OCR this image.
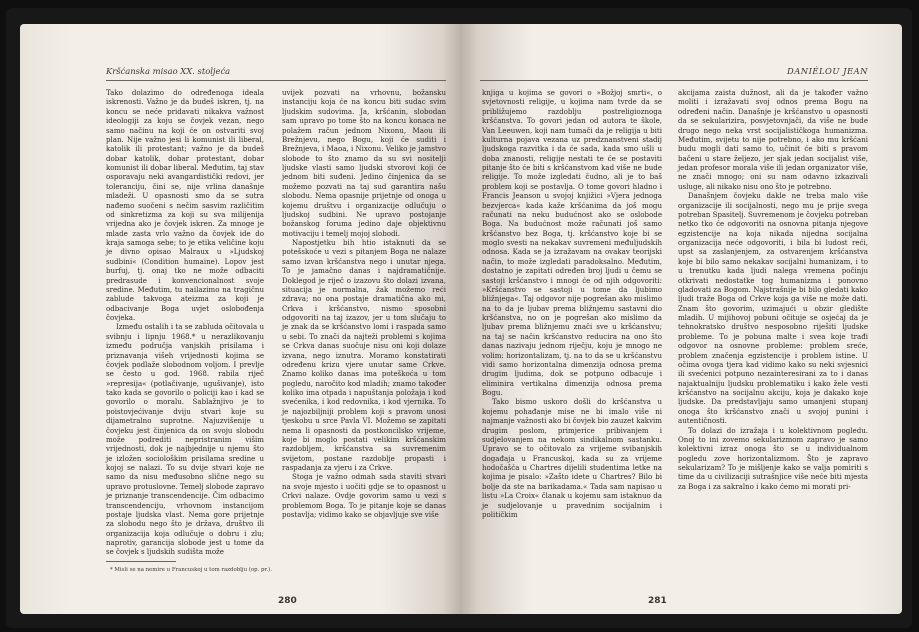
Kršćanska misao XX. stoljeća

Tako dolazimo do određenoga ideala iskrenosti. Važno je da budeš iskren, tj. na koncu se neće pridavati nikakva važnost ideologiji za koju se čovjek vezan, nego samo načinu na koji će on ostvariti svoj plan. Nije važno jesi li komunist ili liberal, katolik ili protestant; važno je da budeš dobar katolik, dobar protestant, dobar komunist ili dobar liberal. Međutim, taj stav osporavaju neki avangardistički redovi, jer toleranciju, čini se, nije vrlina današnje mladeži. U opasnosti smo da se sutra nađemo suočeni s nečim sasvim različitim od sinkretizma za koji su sva milijenija vrijedna ako je čovjek iskren. Za mnoge je mlade zasta vrlo važno da čovjek ide do kraja samoga sebe; to je etika veličine koju je divno opisao Malraux u »Ljudskoj sudbini« (Condition humaine). Lopov jest burfuj, tj. onaj tko ne može odbaciti predrasude i konvencionalnost svoje sredine. Međutim, tu nailazimo na tragičnu zablude takvoga ateizma za koji je odbacivanje Boga uvjet oslobođenja čovjeka.

Između ostalih i ta se zabluda očitovala u svibnju i lipnju 1968.* u nerazlikovanju između područja vanjskih prisilama i priznavanja višeh vrijednosti kojima se čovjek podlaže slobodnom voljom. I prevlje se često u god. 1968. rabila riječ »represija« (potlačivanje, ugušivanje), isto tako kada se govorilo o policiji kao i kad se govorilo o moralu. Sablažnjivo je to poistovjećivanje dviju stvari koje su dijametralno suprotne. Najuzvišenije u čovjeku jest činjenica da on svoju slobodu može podrediti nepristranim višim vrijednosti, dok je najbjednije u njemu što je izložen sociološkim prisilama sredine u kojoj se nalazi. To su dvije stvari koje ne samo da nisu međusobno slične nego su upravo protuslovne. Temelj slobode zapravo je priznanje transcendencije. Čim odbacimo transcendenciju, vrhovnom instancijom postaje ljudska vlast. Nema gore prijetnje za slobodu nego što je država, društvo ili organizacija koja odlučuje o dobru i zlu; naprotiv, garancija slobode jest u tome da se čovjek s ljudskih sudišta može

uvijek pozvati na vrhovnu, božansku instanciju koja će na koncu biti sudac svim ljudskim sudovima. Ja, kršćanin, slobodan sam upravo po tome što na koncu konaca ne polažem račun jednom Nixonu, Maou ili Brežnjevu, nego Bogu, koji će suditi i Brežnjeva, i Maoa, i Nixonu. Veliko je jamstvo slobode to što znamo da su svi nositelji ljudske vlasti samo ljudski stvorovi koji će jednom biti suđeni. Jedino činjenica da se možemo pozvati na taj sud garantira našu slobodu. Nema opasnije prijetnje od onoga u kojemu društvu i organizacije odlučuju o ljudskoj sudbini. Ne upravo postojanje božanskog foruma jedino daje objektivnu motivaciju i temelj mojoj slobodi.

Napostjetku bih htio istaknuti da se potešskoće u vezi s pitanjem Boga ne nalaze samo izvan kršćanstva nego i unutar njega. To je jamačno danas i najdramatičnije. Doklegod je riječ o izazovu što dolazi izvana, situacija je normalna, žak možemo reći zdrava; no ona postaje dramatična ako mi, Crkva i kršćanstvo, nismo sposobni odgovoriti na taj izazov, jer u tom slučaju to je znak da se kršćanstvo lomi i raspada samo u sebi. To znači da najteži problemi s kojima se Crkva danas suočuje nisu oni koji dolaze izvana, nego iznutra. Moramo konstatirati određenu krizu vjere unutar same Crkve. Znamo koliko danas ima poteškoća u tom pogledu, naročito kod mladih; znamo također koliko ima otpada i napuštanja položaja i kod svećenika, i kod redovnika, i kod vjernika. To je najozbiljniji problem koji s pravom unosi tjeskobu u srce Pavla VI. Možemo se zapitati nema li opasnosti da postkoncilsko vrijeme, koje bi moglo postati velikim kršćanskim razdobljem, kršćanstva sa suvremenim svijetom, postane razdoblje propasti i raspadanja za vjeru i za Crkve.

Stoga je važno odmah sada staviti stvari na svoje mjesto i uočiti gdje se to opasnost u Crkvi nalaze. Ovdje govorim samo u vezi s problemom Boga. To je pitanje koje se danas postavlja; vidimo kako se objavljuje sve više

* Misli se na nemire u Francuskoj u tom razdoblju (op. pr.).
280
DANIÉLOU JEAN

knjiga u kojima se govori o »Božjoj smrti«, o svjetovnosti religije, u kojima nam tvrde da se približujemo razdoblju postreligioznoga kršćanstva. To govori jedan od autora te škole, Van Leeuwen, koji nam tumači da je religija u biti kulturna pojava vezana uz predznanstveni stadij ljudskoga razvitka i da će sada, kada smo ušli u doba znanosti, religije nestati te će se postaviti pitanje što će biti s kršćanstvom kad više ne bude religije. To može izgledati čudno, ali je to baš problem koji se postavlja. O tome govori hladno i Francis Jeanson u svojoj knjižici »Vjera jednoga bezvjerca« kada kaže kršćanima da još mogu računati na neku budućnost ako se oslobode Boga. Na budućnost može računati još samo kršćanstvo bez Boga, tj. kršćanstvo koje bi se moglo svesti na nekakav suvremeni međuljudskih odnosa. Kada se ja izražavam na ovakav teorijski način, to može izgledati paradoksalno. Međutim, dostatno je zapitati određen broj ljudi u čemu se sastoji kršćanstvo i mnogi će od njih odgovoriti: »Kršćanstvo se sastoji u tome da ljubimo bližnjega«. Taj odgovor nije pogrešan ako mislimo na to da je ljubav prema bližnjemu sastavni dio kršćanstva, no on je pogrešan ako mislimo da ljubav prema bližnjemu znači sve u kršćanstvu; na taj se način kršćanstvo reducira na ono što danas nazivaju jednom riječju, koju je mnogo ne volim: horizontalizam, tj. na to da se u kršćanstvu vidi samo horizontalna dimenzija odnosa prema drugim ljudima, dok se potpuno odbacuje i eliminira vertikalna dimenzija odnosa prema Bogu.

Tako bismo uskoro došli do kršćanstva u kojemu pohađanje mise ne bi imalo više ni najmanje važnosti ako bi čovjek bio zauzet kakvim drugim poslom, primjerice pribivanjem i sudjelovanjem na nekom sindikalnom sastanku. Upravo se to očitovalo za vrijeme svibanjskih događaja u Francuskoj, kada su za vrijeme hodočašća u Chartres dijelili studentima letke na kojima je pisalo: »Zašto idete u Chartres? Bilo bi bolje da ste na barikadama.« Tada sam napisao u listu »La Croix« članak u kojemu sam istaknuo da je sudjelovanje u pravednim socijalnim i političkim

akcijama zaista dužnost, ali da je također važno moliti i izražavati svoj odnos prema Bogu na određeni način. Današnje je kršćanstvo u opasnosti da se sekularizira, posvjetovnjači, da više ne bude drugo nego neka vrst socijalističkoga humanizma. Međutim, svijetu to nije potrebno, i ako mu kršćani budu mogli dati samo to, učinit će biti s pravom bačeni u stare željezo, jer sjak jedan socijalist više, jedan profesor morala više ili jedan organizator više, ne znači mnogo; oni su nam odavno izkazivali usluge, ali nikako nisu ono što je potrebno.

Današnjem čovjeku dakle ne treba malo više organizacije ili socijalnosti, nego mu je prije svega potreban Spasitelj. Suvremenom je čovjeku potreban netko tko će odgovoriti na osnovna pitanja njegove egzistencije na koja nikada nijedna socijalna organizacija neće odgovoriti, i bila bi ludost reći, upst sa zaslanjenjem, za ostvarenjem kršćanstva koje bi bilo samo nekakav socijalni humanizam, i to u trenutku kada ljudi nalega vremena počinju otkrivati nedostatke tog humanizma i ponovno gladovati za Bogom. Najstrašnije bi bilo gledati kako ljudi traže Boga od Crkve koja ga više ne može dati. Znam što govorim, uzimajući u obzir gledište mladih. U mijihovoj pobuni očituje se osjećaj da je tehnokratsko društvo nesposobno riješiti ljudske probleme. To je pobuna malte i svea koje trađi odgovor na osnovne probleme: problem sreće, problem značenja egzistencije i problem istine. U očima ovoga tjera kad vidimo kako su neki svjesnici ili svećenici potpuno nezainteresirani za to i danas najaktualniju ljudsku problematiku i kako žele vesti kršćanstvo na socijalnu akciju, koja je dakako koje ljudske. Da predstavljaju samo umanjeni stupanj onoga što kršćanstvo znači u svojoj punini i autentičnosti.

To dolazi do izražaja i u kolektivnom pogledu. Onoj to ini zovemo sekularizmom zapravo je samo kolektivni izraz onoga što se u individualnom pogledu zove horizontalizmom. Što je zapravo sekularizam? To je mišljenje kako se valja pomiriti s time da u civilizaciji sutrašnjice više neće biti mjesta za Boga i za sakralno i kako ćemo mi morati pri-

281
